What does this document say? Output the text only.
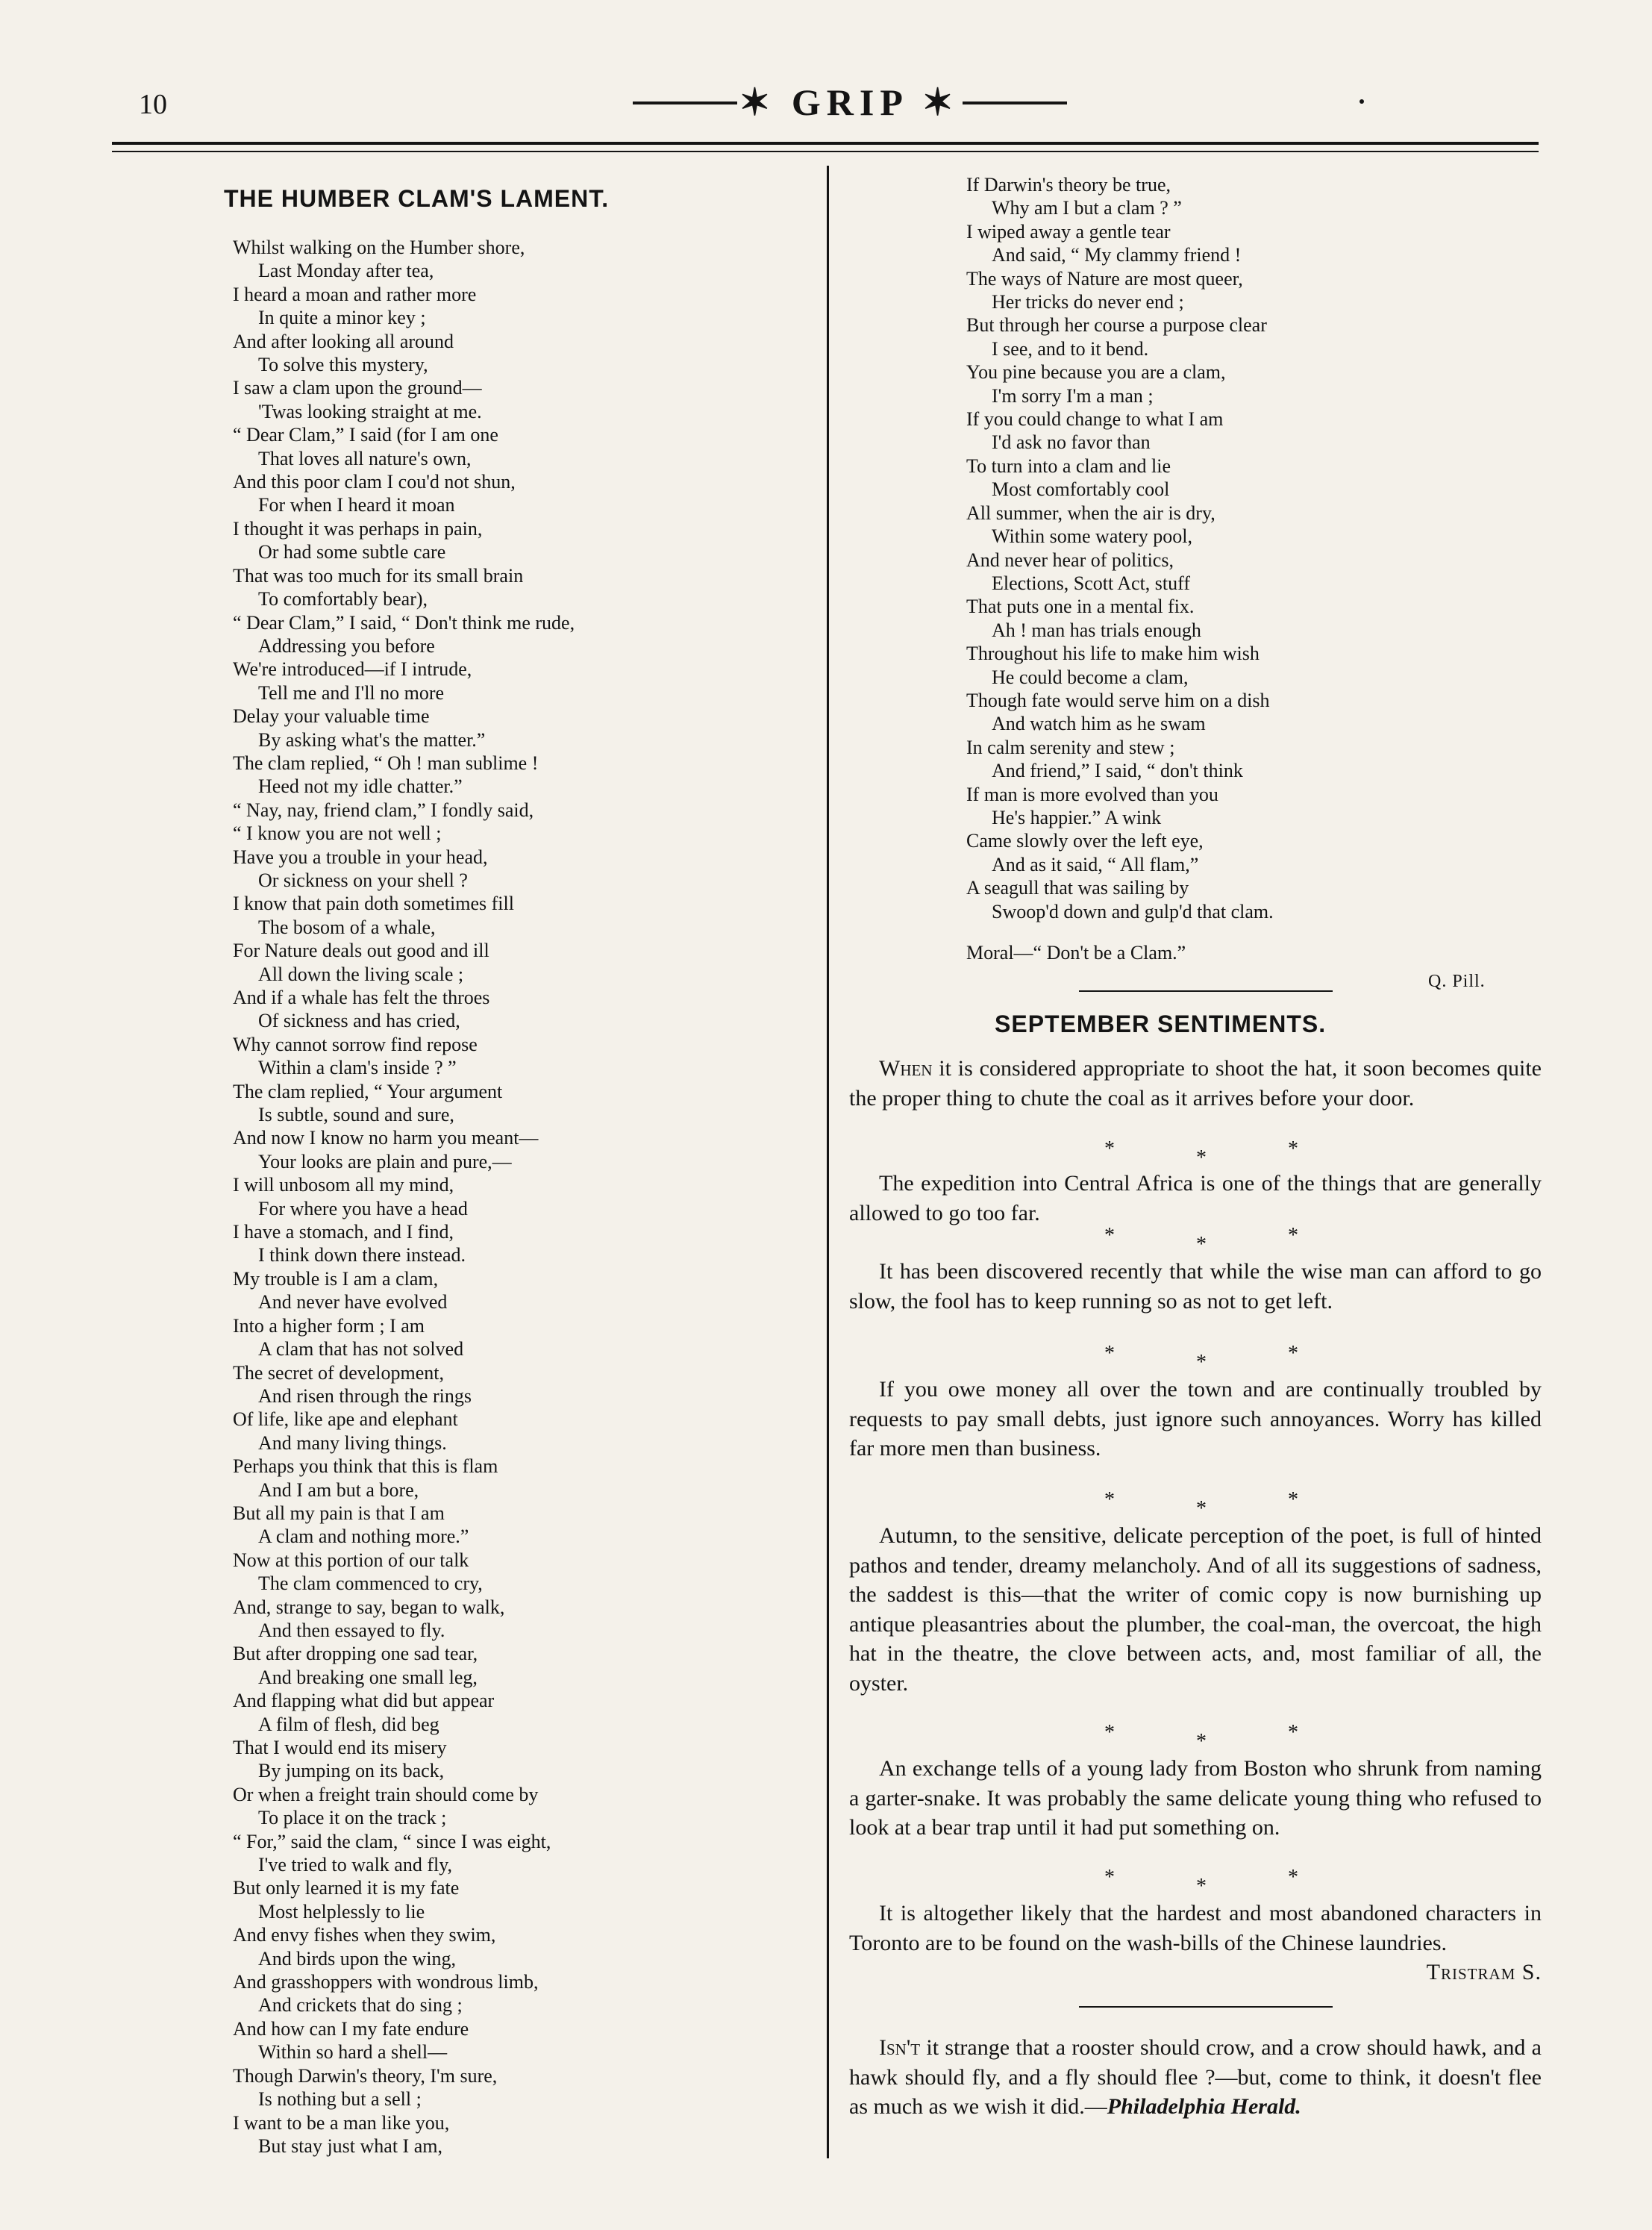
10	✶ GRIP ✶
THE HUMBER CLAM'S LAMENT.
Whilst walking on the Humber shore,
Last Monday after tea,
I heard a moan and rather more
In quite a minor key ;
And after looking all around
To solve this mystery,
I saw a clam upon the ground—
'Twas looking straight at me.
“ Dear Clam,” I said (for I am one
That loves all nature's own,
And this poor clam I cou'd not shun,
For when I heard it moan
I thought it was perhaps in pain,
Or had some subtle care
That was too much for its small brain
To comfortably bear),
“ Dear Clam,” I said, “ Don't think me rude,
Addressing you before
We're introduced—if I intrude,
Tell me and I'll no more
Delay your valuable time
By asking what's the matter.”
The clam replied, “ Oh ! man sublime !
Heed not my idle chatter.”
“ Nay, nay, friend clam,” I fondly said,
“ I know you are not well ;
Have you a trouble in your head,
Or sickness on your shell ?
I know that pain doth sometimes fill
The bosom of a whale,
For Nature deals out good and ill
All down the living scale ;
And if a whale has felt the throes
Of sickness and has cried,
Why cannot sorrow find repose
Within a clam's inside ? ”
The clam replied, “ Your argument
Is subtle, sound and sure,
And now I know no harm you meant—
Your looks are plain and pure,—
I will unbosom all my mind,
For where you have a head
I have a stomach, and I find,
I think down there instead.
My trouble is I am a clam,
And never have evolved
Into a higher form ; I am
A clam that has not solved
The secret of development,
And risen through the rings
Of life, like ape and elephant
And many living things.
Perhaps you think that this is flam
And I am but a bore,
But all my pain is that I am
A clam and nothing more.”
Now at this portion of our talk
The clam commenced to cry,
And, strange to say, began to walk,
And then essayed to fly.
But after dropping one sad tear,
And breaking one small leg,
And flapping what did but appear
A film of flesh, did beg
That I would end its misery
By jumping on its back,
Or when a freight train should come by
To place it on the track ;
“ For,” said the clam, “ since I was eight,
I've tried to walk and fly,
But only learned it is my fate
Most helplessly to lie
And envy fishes when they swim,
And birds upon the wing,
And grasshoppers with wondrous limb,
And crickets that do sing ;
And how can I my fate endure
Within so hard a shell—
Though Darwin's theory, I'm sure,
Is nothing but a sell ;
I want to be a man like you,
But stay just what I am,
If Darwin's theory be true,
Why am I but a clam ? ”
I wiped away a gentle tear
And said, “ My clammy friend !
The ways of Nature are most queer,
Her tricks do never end ;
But through her course a purpose clear
I see, and to it bend.
You pine because you are a clam,
I'm sorry I'm a man ;
If you could change to what I am
I'd ask no favor than
To turn into a clam and lie
Most comfortably cool
All summer, when the air is dry,
Within some watery pool,
And never hear of politics,
Elections, Scott Act, stuff
That puts one in a mental fix.
Ah ! man has trials enough
Throughout his life to make him wish
He could become a clam,
Though fate would serve him on a dish
And watch him as he swam
In calm serenity and stew ;
And friend,” I said, “ don't think
If man is more evolved than you
He's happier.” A wink
Came slowly over the left eye,
And as it said, “ All flam,”
A seagull that was sailing by
Swoop'd down and gulp'd that clam.
Moral—“ Don't be a Clam.”
Q. Pill.
SEPTEMBER SENTIMENTS.

When it is considered appropriate to shoot the hat, it soon becomes quite the proper thing to chute the coal as it arrives before your door.

*	*	*

The expedition into Central Africa is one of the things that are generally allowed to go too far.

*	*	*

It has been discovered recently that while the wise man can afford to go slow, the fool has to keep running so as not to get left.

*	*	*

If you owe money all over the town and are continually troubled by requests to pay small debts, just ignore such annoyances. Worry has killed far more men than business.

*	*	*

Autumn, to the sensitive, delicate perception of the poet, is full of hinted pathos and tender, dreamy melancholy. And of all its suggestions of sadness, the saddest is this—that the writer of comic copy is now burnishing up antique pleasantries about the plumber, the coal-man, the overcoat, the high hat in the theatre, the clove between acts, and, most familiar of all, the oyster.

*	*	*

An exchange tells of a young lady from Boston who shrunk from naming a garter-snake. It was probably the same delicate young thing who refused to look at a bear trap until it had put something on.

*	*	*

It is altogether likely that the hardest and most abandoned characters in Toronto are to be found on the wash-bills of the Chinese laundries.
Tristram S.

Isn't it strange that a rooster should crow, and a crow should hawk, and a hawk should fly, and a fly should flee ?—but, come to think, it doesn't flee as much as we wish it did.—Philadelphia Herald.
